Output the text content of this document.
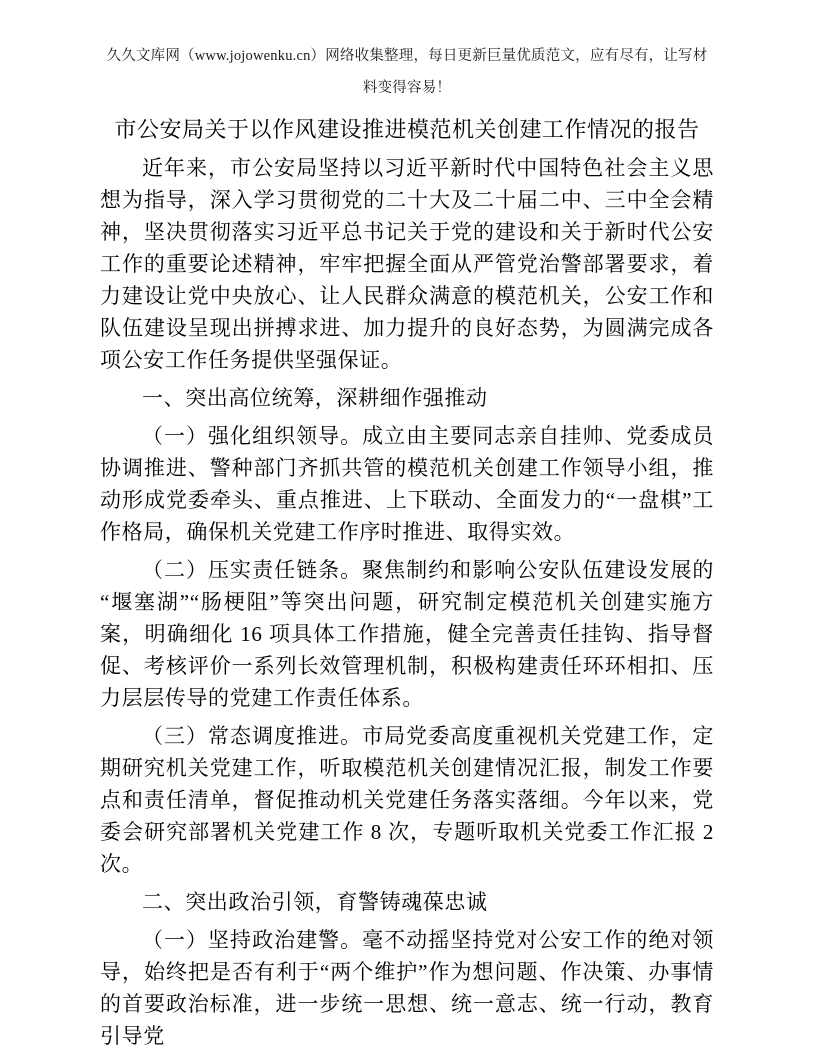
久久文库网（www.jojowenku.cn）网络收集整理，每日更新巨量优质范文，应有尽有，让写材料变得容易！
市公安局关于以作风建设推进模范机关创建工作情况的报告

近年来，市公安局坚持以习近平新时代中国特色社会主义思想为指导，深入学习贯彻党的二十大及二十届二中、三中全会精神，坚决贯彻落实习近平总书记关于党的建设和关于新时代公安工作的重要论述精神，牢牢把握全面从严管党治警部署要求，着力建设让党中央放心、让人民群众满意的模范机关，公安工作和队伍建设呈现出拼搏求进、加力提升的良好态势，为圆满完成各项公安工作任务提供坚强保证。

一、突出高位统筹，深耕细作强推动

（一）强化组织领导。成立由主要同志亲自挂帅、党委成员协调推进、警种部门齐抓共管的模范机关创建工作领导小组，推动形成党委牵头、重点推进、上下联动、全面发力的“一盘棋”工作格局，确保机关党建工作序时推进、取得实效。

（二）压实责任链条。聚焦制约和影响公安队伍建设发展的“堰塞湖”“肠梗阻”等突出问题，研究制定模范机关创建实施方案，明确细化 16 项具体工作措施，健全完善责任挂钩、指导督促、考核评价一系列长效管理机制，积极构建责任环环相扣、压力层层传导的党建工作责任体系。

（三）常态调度推进。市局党委高度重视机关党建工作，定期研究机关党建工作，听取模范机关创建情况汇报，制发工作要点和责任清单，督促推动机关党建任务落实落细。今年以来，党委会研究部署机关党建工作 8 次，专题听取机关党委工作汇报 2 次。

二、突出政治引领，育警铸魂葆忠诚

（一）坚持政治建警。毫不动摇坚持党对公安工作的绝对领导，始终把是否有利于“两个维护”作为想问题、作决策、办事情的首要政治标准，进一步统一思想、统一意志、统一行动，教育引导党
